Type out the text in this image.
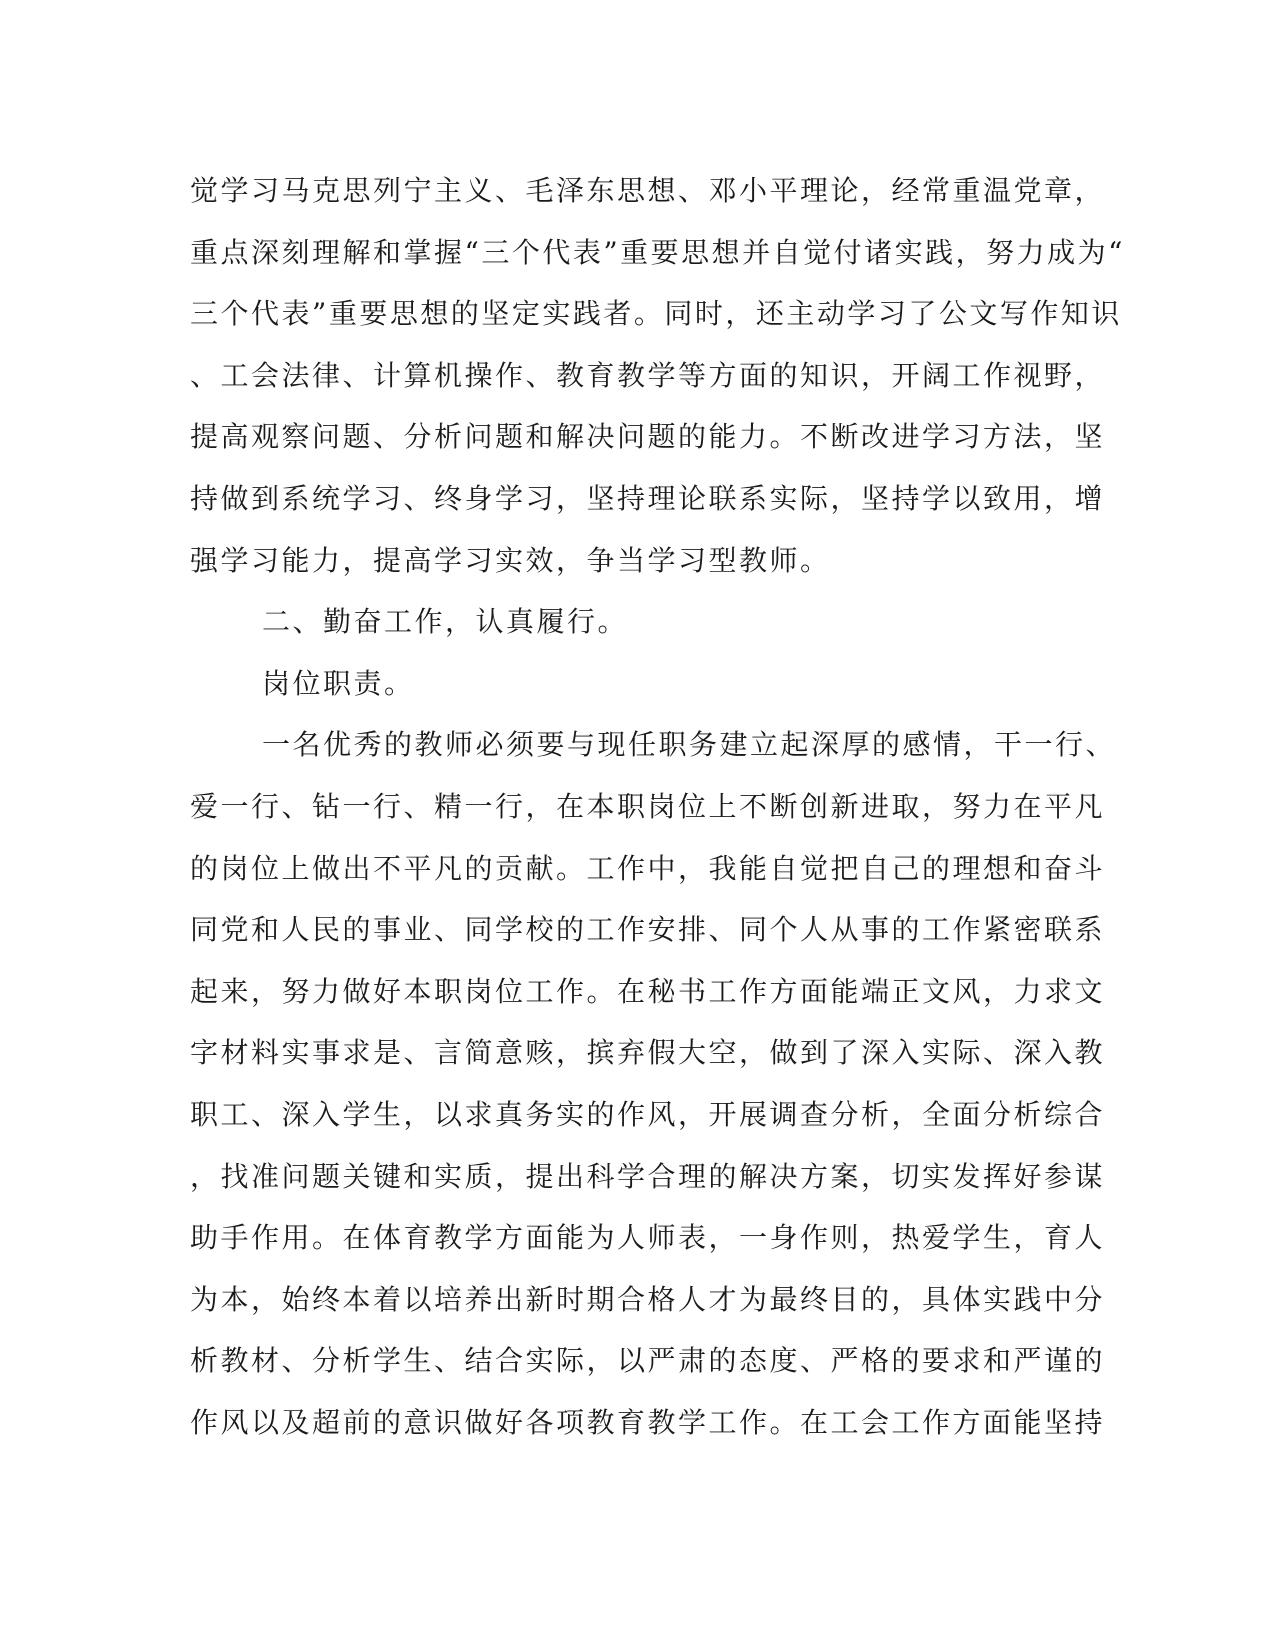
觉学习马克思列宁主义、毛泽东思想、邓小平理论，经常重温党章，
重点深刻理解和掌握“三个代表”重要思想并自觉付诸实践，努力成为“
三个代表”重要思想的坚定实践者。同时，还主动学习了公文写作知识
、工会法律、计算机操作、教育教学等方面的知识，开阔工作视野，
提高观察问题、分析问题和解决问题的能力。不断改进学习方法，坚
持做到系统学习、终身学习，坚持理论联系实际，坚持学以致用，增
强学习能力，提高学习实效，争当学习型教师。
二、勤奋工作，认真履行。
岗位职责。
一名优秀的教师必须要与现任职务建立起深厚的感情，干一行、
爱一行、钻一行、精一行，在本职岗位上不断创新进取，努力在平凡
的岗位上做出不平凡的贡献。工作中，我能自觉把自己的理想和奋斗
同党和人民的事业、同学校的工作安排、同个人从事的工作紧密联系
起来，努力做好本职岗位工作。在秘书工作方面能端正文风，力求文
字材料实事求是、言简意赅，摈弃假大空，做到了深入实际、深入教
职工、深入学生，以求真务实的作风，开展调查分析，全面分析综合
，找准问题关键和实质，提出科学合理的解决方案，切实发挥好参谋
助手作用。在体育教学方面能为人师表，一身作则，热爱学生，育人
为本，始终本着以培养出新时期合格人才为最终目的，具体实践中分
析教材、分析学生、结合实际，以严肃的态度、严格的要求和严谨的
作风以及超前的意识做好各项教育教学工作。在工会工作方面能坚持
